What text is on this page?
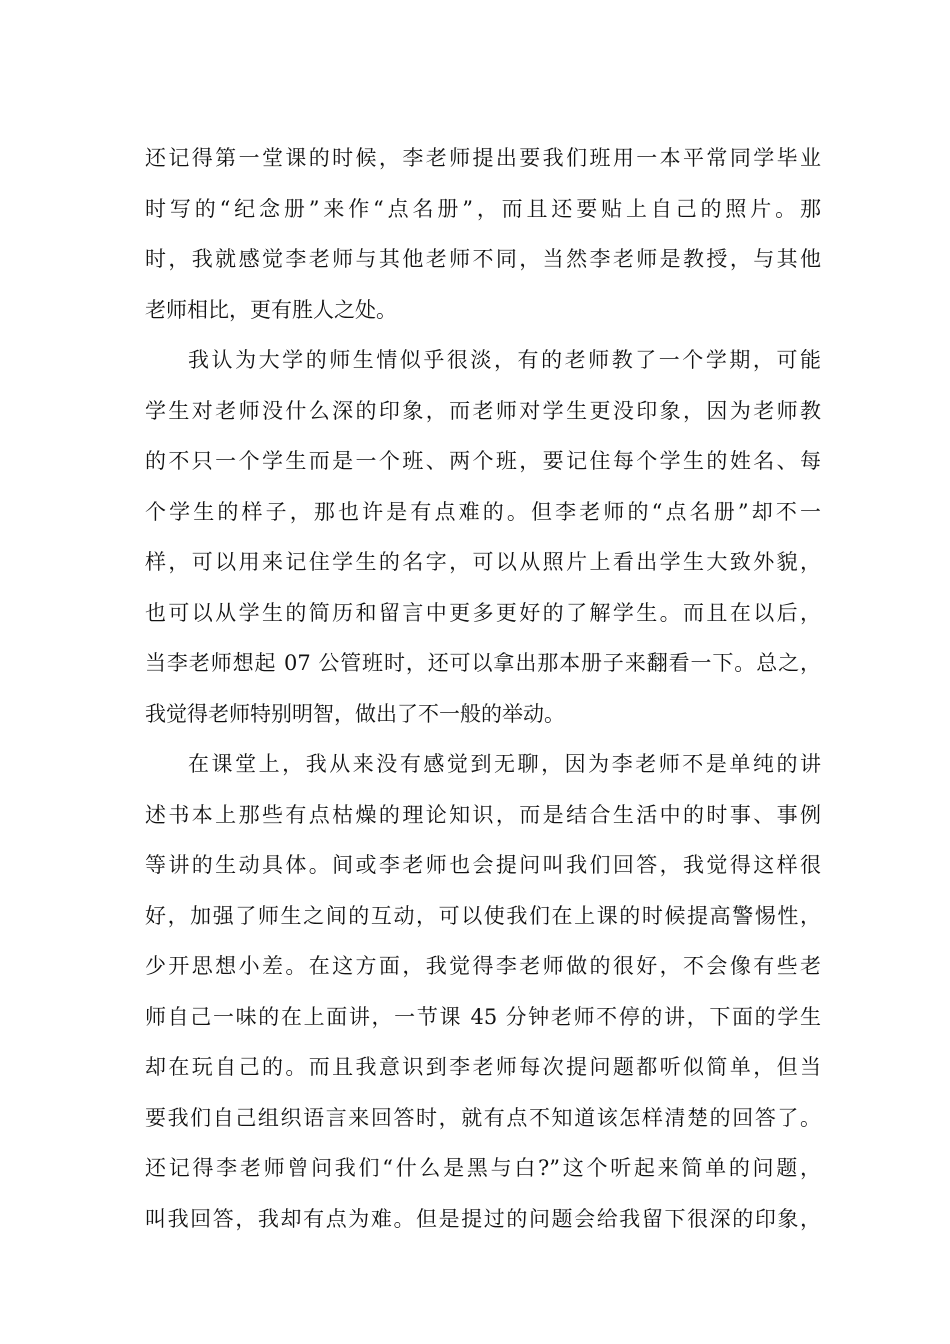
还记得第一堂课的时候，李老师提出要我们班用一本平常同学毕业
时写的“纪念册”来作“点名册”，而且还要贴上自己的照片。那
时，我就感觉李老师与其他老师不同，当然李老师是教授，与其他
老师相比，更有胜人之处。
我认为大学的师生情似乎很淡，有的老师教了一个学期，可能
学生对老师没什么深的印象，而老师对学生更没印象，因为老师教
的不只一个学生而是一个班、两个班，要记住每个学生的姓名、每
个学生的样子，那也许是有点难的。但李老师的“点名册”却不一
样，可以用来记住学生的名字，可以从照片上看出学生大致外貌，
也可以从学生的简历和留言中更多更好的了解学生。而且在以后，
当李老师想起 07 公管班时，还可以拿出那本册子来翻看一下。总之，
我觉得老师特别明智，做出了不一般的举动。
在课堂上，我从来没有感觉到无聊，因为李老师不是单纯的讲
述书本上那些有点枯燥的理论知识，而是结合生活中的时事、事例
等讲的生动具体。间或李老师也会提问叫我们回答，我觉得这样很
好，加强了师生之间的互动，可以使我们在上课的时候提高警惕性，
少开思想小差。在这方面，我觉得李老师做的很好，不会像有些老
师自己一味的在上面讲，一节课 45 分钟老师不停的讲，下面的学生
却在玩自己的。而且我意识到李老师每次提问题都听似简单，但当
要我们自己组织语言来回答时，就有点不知道该怎样清楚的回答了。
还记得李老师曾问我们“什么是黑与白?”这个听起来简单的问题，
叫我回答，我却有点为难。但是提过的问题会给我留下很深的印象，
